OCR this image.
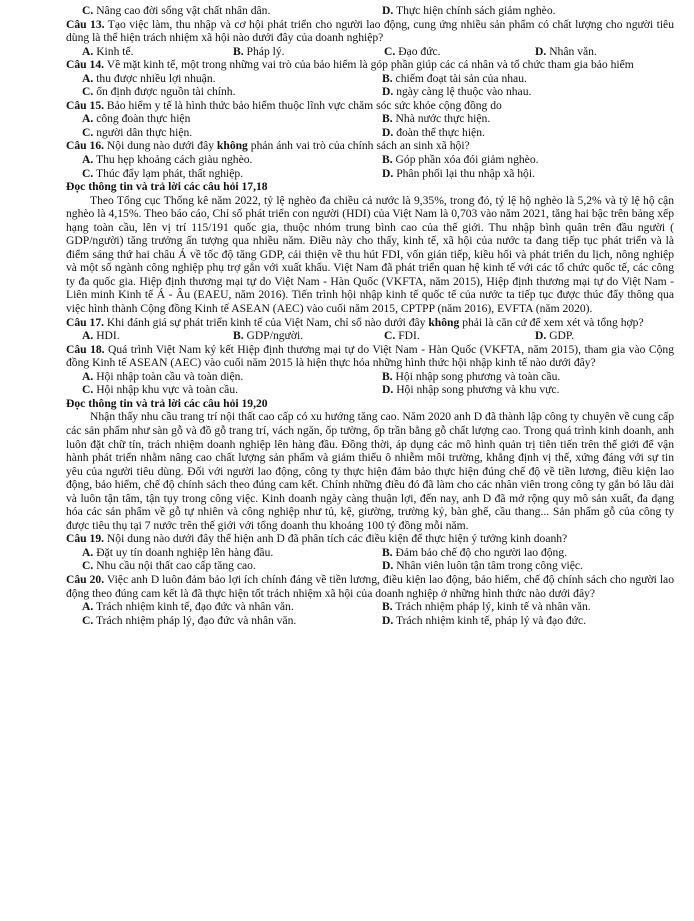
C. Nâng cao đời sống vật chất nhân dân.	D. Thực hiện chính sách giảm nghèo.

Câu 13. Tạo việc làm, thu nhập và cơ hội phát triển cho người lao động, cung ứng nhiều sản phẩm có chất lượng cho người tiêu dùng là thể hiện trách nhiệm xã hội nào dưới đây của doanh nghiệp?

A. Kinh tế.	B. Pháp lý.	C. Đạo đức.	D. Nhân văn.

Câu 14. Về mặt kinh tế, một trong những vai trò của bảo hiểm là góp phần giúp các cá nhân và tổ chức tham gia bảo hiểm

A. thu được nhiều lợi nhuận.	B. chiếm đoạt tài sản của nhau.
C. ổn định được nguồn tài chính.	D. ngày càng lệ thuộc vào nhau.

Câu 15. Bảo hiểm y tế là hình thức bảo hiểm thuộc lĩnh vực chăm sóc sức khỏe cộng đồng do

A. công đoàn thực hiện	B. Nhà nước thực hiện.
C. người dân thực hiện.	D. đoàn thể thực hiện.

Câu 16. Nội dung nào dưới đây không phản ánh vai trò của chính sách an sinh xã hội?

A. Thu hẹp khoảng cách giàu nghèo.	B. Góp phần xóa đói giảm nghèo.
C. Thúc đẩy lạm phát, thất nghiệp.	D. Phân phối lại thu nhập xã hội.

Đọc thông tin và trả lời các câu hỏi 17,18

Theo Tổng cục Thống kê năm 2022, tỷ lệ nghèo đa chiều cả nước là 9,35%, trong đó, tỷ lệ hộ nghèo là 5,2% và tỷ lệ hộ cận nghèo là 4,15%. Theo báo cáo, Chỉ số phát triển con người (HDI) của Việt Nam là 0,703 vào năm 2021, tăng hai bậc trên bảng xếp hạng toàn cầu, lên vị trí 115/191 quốc gia, thuộc nhóm trung bình cao của thế giới. Thu nhập bình quân trên đầu người ( GDP/người) tăng trưởng ấn tượng qua nhiều năm. Điều này cho thấy, kinh tế, xã hội của nước ta đang tiếp tục phát triển và là điểm sáng thứ hai châu Á về tốc độ tăng GDP, cải thiện về thu hút FDI, vốn gián tiếp, kiều hối và phát triển du lịch, nông nghiệp và một số ngành công nghiệp phụ trợ gắn với xuất khẩu. Việt Nam đã phát triển quan hệ kinh tế với các tổ chức quốc tế, các công ty đa quốc gia. Hiệp định thương mại tự do Việt Nam - Hàn Quốc (VKFTA, năm 2015), Hiệp định thương mại tự do Việt Nam - Liên minh Kinh tế Á - Âu (EAEU, năm 2016). Tiến trình hội nhập kinh tế quốc tế của nước ta tiếp tục được thúc đẩy thông qua việc hình thành Cộng đồng Kinh tế ASEAN (AEC) vào cuối năm 2015, CPTPP (năm 2016), EVFTA (năm 2020).

Câu 17. Khi đánh giá sự phát triển kinh tế của Việt Nam, chỉ số nào dưới đây không phải là căn cứ để xem xét và tổng hợp?

A. HDI.	B. GDP/người.	C. FDI.	D. GDP.

Câu 18. Quá trình Việt Nam ký kết Hiệp định thương mại tự do Việt Nam - Hàn Quốc (VKFTA, năm 2015), tham gia vào Cộng đồng Kinh tế ASEAN (AEC) vào cuối năm 2015 là hiện thực hóa những hình thức hội nhập kinh tế nào dưới đây?

A. Hội nhập toàn cầu và toàn diện.	B. Hội nhập song phương và toàn cầu.
C. Hội nhập khu vực và toàn cầu.	D. Hội nhập song phương và khu vực.

Đọc thông tin và trả lời các câu hỏi 19,20

Nhận thấy nhu cầu trang trí nội thất cao cấp có xu hướng tăng cao. Năm 2020 anh D đã thành lập công ty chuyên về cung cấp các sản phẩm như sàn gỗ và đồ gỗ trang trí, vách ngăn, ốp tường, ốp trần bằng gỗ chất lượng cao. Trong quá trình kinh doanh, anh luôn đặt chữ tín, trách nhiệm doanh nghiệp lên hàng đầu. Đồng thời, áp dụng các mô hình quản trị tiên tiến trên thế giới để vận hành phát triển nhằm nâng cao chất lượng sản phẩm và giảm thiểu ô nhiễm môi trường, khẳng định vị thế, xứng đáng với sự tin yêu của người tiêu dùng. Đối với người lao động, công ty thực hiện đảm bảo thực hiện đúng chế độ về tiền lương, điều kiện lao động, bảo hiểm, chế độ chính sách theo đúng cam kết. Chính những điều đó đã làm cho các nhân viên trong công ty gắn bó lâu dài và luôn tận tâm, tận tụy trong công việc. Kinh doanh ngày càng thuận lợi, đến nay, anh D đã mở rộng quy mô sản xuất, đa dạng hóa các sản phẩm về gỗ tự nhiên và công nghiệp như tủ, kệ, giường, trường kỷ, bàn ghế, cầu thang... Sản phẩm gỗ của công ty được tiêu thụ tại 7 nước trên thế giới với tổng doanh thu khoảng 100 tỷ đồng mỗi năm.

Câu 19. Nội dung nào dưới đây thể hiện anh D đã phân tích các điều kiện để thực hiện ý tưởng kinh doanh?

A. Đặt uy tín doanh nghiệp lên hàng đầu.	B. Đảm bảo chế độ cho người lao động.
C. Nhu cầu nội thất cao cấp tăng cao.	D. Nhân viên luôn tận tâm trong công việc.

Câu 20. Việc anh D luôn đảm bảo lợi ích chính đáng về tiền lương, điều kiện lao động, bảo hiểm, chế độ chính sách cho người lao động theo đúng cam kết là đã thực hiện tốt trách nhiệm xã hội của doanh nghiệp ở những hình thức nào dưới đây?

A. Trách nhiệm kinh tế, đạo đức và nhân văn.	B. Trách nhiệm pháp lý, kinh tế và nhân văn.
C. Trách nhiệm pháp lý, đạo đức và nhân văn.	D. Trách nhiệm kinh tế, pháp lý và đạo đức.
